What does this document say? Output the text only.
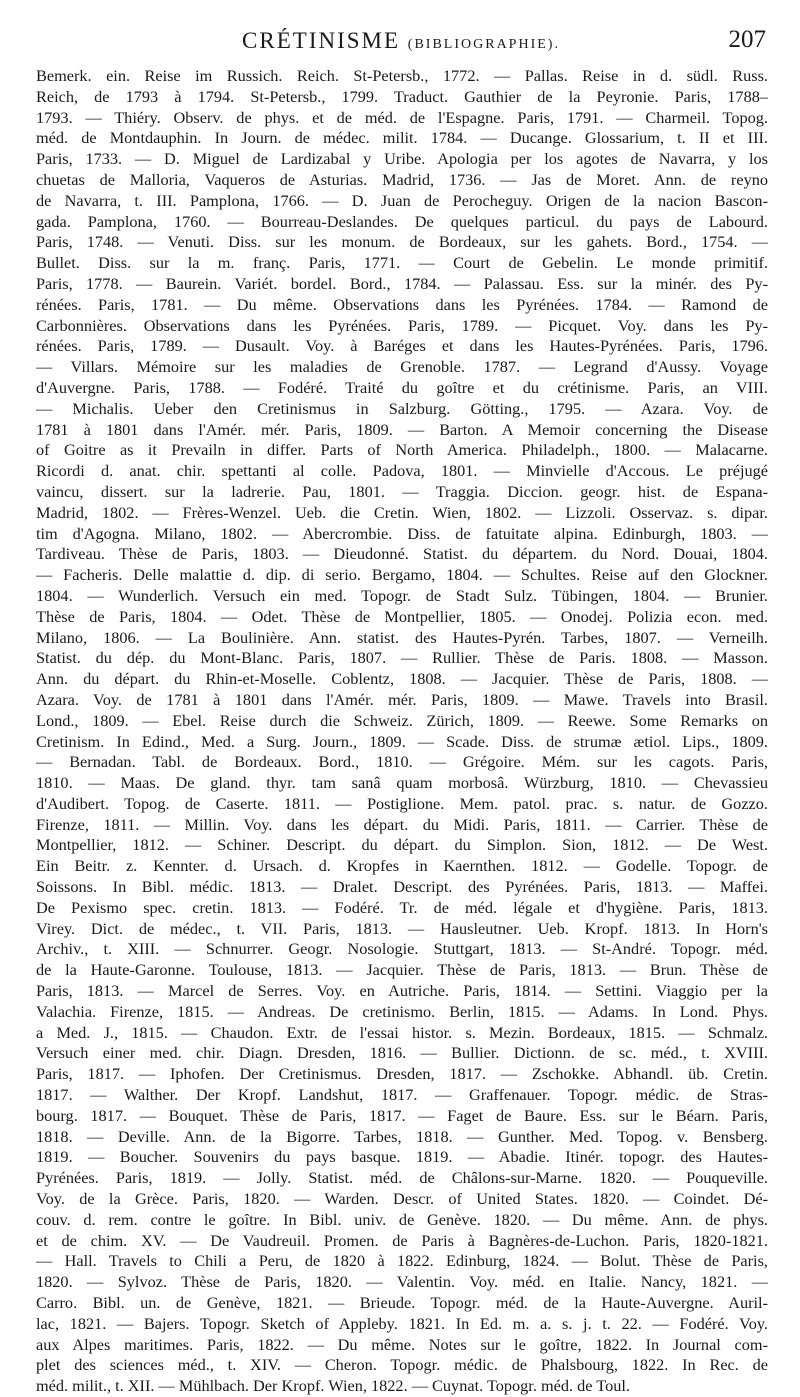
CRÉTINISME (BIBLIOGRAPHIE).	207
Bemerk. ein. Reise im Russich. Reich. St-Petersb., 1772. — Pallas. Reise in d. südl. Russ.
Reich, de 1793 à 1794. St-Petersb., 1799. Traduct. Gauthier de la Peyronie. Paris, 1788–
1793. — Thiéry. Observ. de phys. et de méd. de l'Espagne. Paris, 1791. — Charmeil. Topog.
méd. de Montdauphin. In Journ. de médec. milit. 1784. — Ducange. Glossarium, t. II et III.
Paris, 1733. — D. Miguel de Lardizabal y Uribe. Apologia per los agotes de Navarra, y los
chuetas de Malloria, Vaqueros de Asturias. Madrid, 1736. — Jas de Moret. Ann. de reyno
de Navarra, t. III. Pamplona, 1766. — D. Juan de Perocheguy. Origen de la nacion Bascon-
gada. Pamplona, 1760. — Bourreau-Deslandes. De quelques particul. du pays de Labourd.
Paris, 1748. — Venuti. Diss. sur les monum. de Bordeaux, sur les gahets. Bord., 1754. —
Bullet. Diss. sur la m. franç. Paris, 1771. — Court de Gebelin. Le monde primitif.
Paris, 1778. — Baurein. Variét. bordel. Bord., 1784. — Palassau. Ess. sur la minér. des Py-
rénées. Paris, 1781. — Du même. Observations dans les Pyrénées. 1784. — Ramond de
Carbonnières. Observations dans les Pyrénées. Paris, 1789. — Picquet. Voy. dans les Py-
rénées. Paris, 1789. — Dusault. Voy. à Baréges et dans les Hautes-Pyrénées. Paris, 1796.
— Villars. Mémoire sur les maladies de Grenoble. 1787. — Legrand d'Aussy. Voyage
d'Auvergne. Paris, 1788. — Fodéré. Traité du goître et du crétinisme. Paris, an VIII.
— Michalis. Ueber den Cretinismus in Salzburg. Götting., 1795. — Azara. Voy. de
1781 à 1801 dans l'Amér. mér. Paris, 1809. — Barton. A Memoir concerning the Disease
of Goitre as it Prevailn in differ. Parts of North America. Philadelph., 1800. — Malacarne.
Ricordi d. anat. chir. spettanti al colle. Padova, 1801. — Minvielle d'Accous. Le préjugé
vaincu, dissert. sur la ladrerie. Pau, 1801. — Traggia. Diccion. geogr. hist. de Espana-
Madrid, 1802. — Frères-Wenzel. Ueb. die Cretin. Wien, 1802. — Lizzoli. Osservaz. s. dipar.
tim d'Agogna. Milano, 1802. — Abercrombie. Diss. de fatuitate alpina. Edinburgh, 1803. —
Tardiveau. Thèse de Paris, 1803. — Dieudonné. Statist. du départem. du Nord. Douai, 1804.
— Facheris. Delle malattie d. dip. di serio. Bergamo, 1804. — Schultes. Reise auf den Glockner.
1804. — Wunderlich. Versuch ein med. Topogr. de Stadt Sulz. Tübingen, 1804. — Brunier.
Thèse de Paris, 1804. — Odet. Thèse de Montpellier, 1805. — Onodej. Polizia econ. med.
Milano, 1806. — La Boulinière. Ann. statist. des Hautes-Pyrén. Tarbes, 1807. — Verneilh.
Statist. du dép. du Mont-Blanc. Paris, 1807. — Rullier. Thèse de Paris. 1808. — Masson.
Ann. du départ. du Rhin-et-Moselle. Coblentz, 1808. — Jacquier. Thèse de Paris, 1808. —
Azara. Voy. de 1781 à 1801 dans l'Amér. mér. Paris, 1809. — Mawe. Travels into Brasil.
Lond., 1809. — Ebel. Reise durch die Schweiz. Zürich, 1809. — Reewe. Some Remarks on
Cretinism. In Edind., Med. a Surg. Journ., 1809. — Scade. Diss. de strumæ ætiol. Lips., 1809.
— Bernadan. Tabl. de Bordeaux. Bord., 1810. — Grégoire. Mém. sur les cagots. Paris,
1810. — Maas. De gland. thyr. tam sanâ quam morbosâ. Würzburg, 1810. — Chevassieu
d'Audibert. Topog. de Caserte. 1811. — Postiglione. Mem. patol. prac. s. natur. de Gozzo.
Firenze, 1811. — Millin. Voy. dans les départ. du Midi. Paris, 1811. — Carrier. Thèse de
Montpellier, 1812. — Schiner. Descript. du départ. du Simplon. Sion, 1812. — De West.
Ein Beitr. z. Kennter. d. Ursach. d. Kropfes in Kaernthen. 1812. — Godelle. Topogr. de
Soissons. In Bibl. médic. 1813. — Dralet. Descript. des Pyrénées. Paris, 1813. — Maffei.
De Pexismo spec. cretin. 1813. — Fodéré. Tr. de méd. légale et d'hygiène. Paris, 1813.
Virey. Dict. de médec., t. VII. Paris, 1813. — Hausleutner. Ueb. Kropf. 1813. In Horn's
Archiv., t. XIII. — Schnurrer. Geogr. Nosologie. Stuttgart, 1813. — St-André. Topogr. méd.
de la Haute-Garonne. Toulouse, 1813. — Jacquier. Thèse de Paris, 1813. — Brun. Thèse de
Paris, 1813. — Marcel de Serres. Voy. en Autriche. Paris, 1814. — Settini. Viaggio per la
Valachia. Firenze, 1815. — Andreas. De cretinismo. Berlin, 1815. — Adams. In Lond. Phys.
a Med. J., 1815. — Chaudon. Extr. de l'essai histor. s. Mezin. Bordeaux, 1815. — Schmalz.
Versuch einer med. chir. Diagn. Dresden, 1816. — Bullier. Dictionn. de sc. méd., t. XVIII.
Paris, 1817. — Iphofen. Der Cretinismus. Dresden, 1817. — Zschokke. Abhandl. üb. Cretin.
1817. — Walther. Der Kropf. Landshut, 1817. — Graffenauer. Topogr. médic. de Stras-
bourg. 1817. — Bouquet. Thèse de Paris, 1817. — Faget de Baure. Ess. sur le Béarn. Paris,
1818. — Deville. Ann. de la Bigorre. Tarbes, 1818. — Gunther. Med. Topog. v. Bensberg.
1819. — Boucher. Souvenirs du pays basque. 1819. — Abadie. Itinér. topogr. des Hautes-
Pyrénées. Paris, 1819. — Jolly. Statist. méd. de Châlons-sur-Marne. 1820. — Pouqueville.
Voy. de la Grèce. Paris, 1820. — Warden. Descr. of United States. 1820. — Coindet. Dé-
couv. d. rem. contre le goître. In Bibl. univ. de Genève. 1820. — Du même. Ann. de phys.
et de chim. XV. — De Vaudreuil. Promen. de Paris à Bagnères-de-Luchon. Paris, 1820-1821.
— Hall. Travels to Chili a Peru, de 1820 à 1822. Edinburg, 1824. — Bolut. Thèse de Paris,
1820. — Sylvoz. Thèse de Paris, 1820. — Valentin. Voy. méd. en Italie. Nancy, 1821. —
Carro. Bibl. un. de Genève, 1821. — Brieude. Topogr. méd. de la Haute-Auvergne. Auril-
lac, 1821. — Bajers. Topogr. Sketch of Appleby. 1821. In Ed. m. a. s. j. t. 22. — Fodéré. Voy.
aux Alpes maritimes. Paris, 1822. — Du même. Notes sur le goître, 1822. In Journal com-
plet des sciences méd., t. XIV. — Cheron. Topogr. médic. de Phalsbourg, 1822. In Rec. de
méd. milit., t. XII. — Mühlbach. Der Kropf. Wien, 1822. — Cuynat. Topogr. méd. de Toul.
